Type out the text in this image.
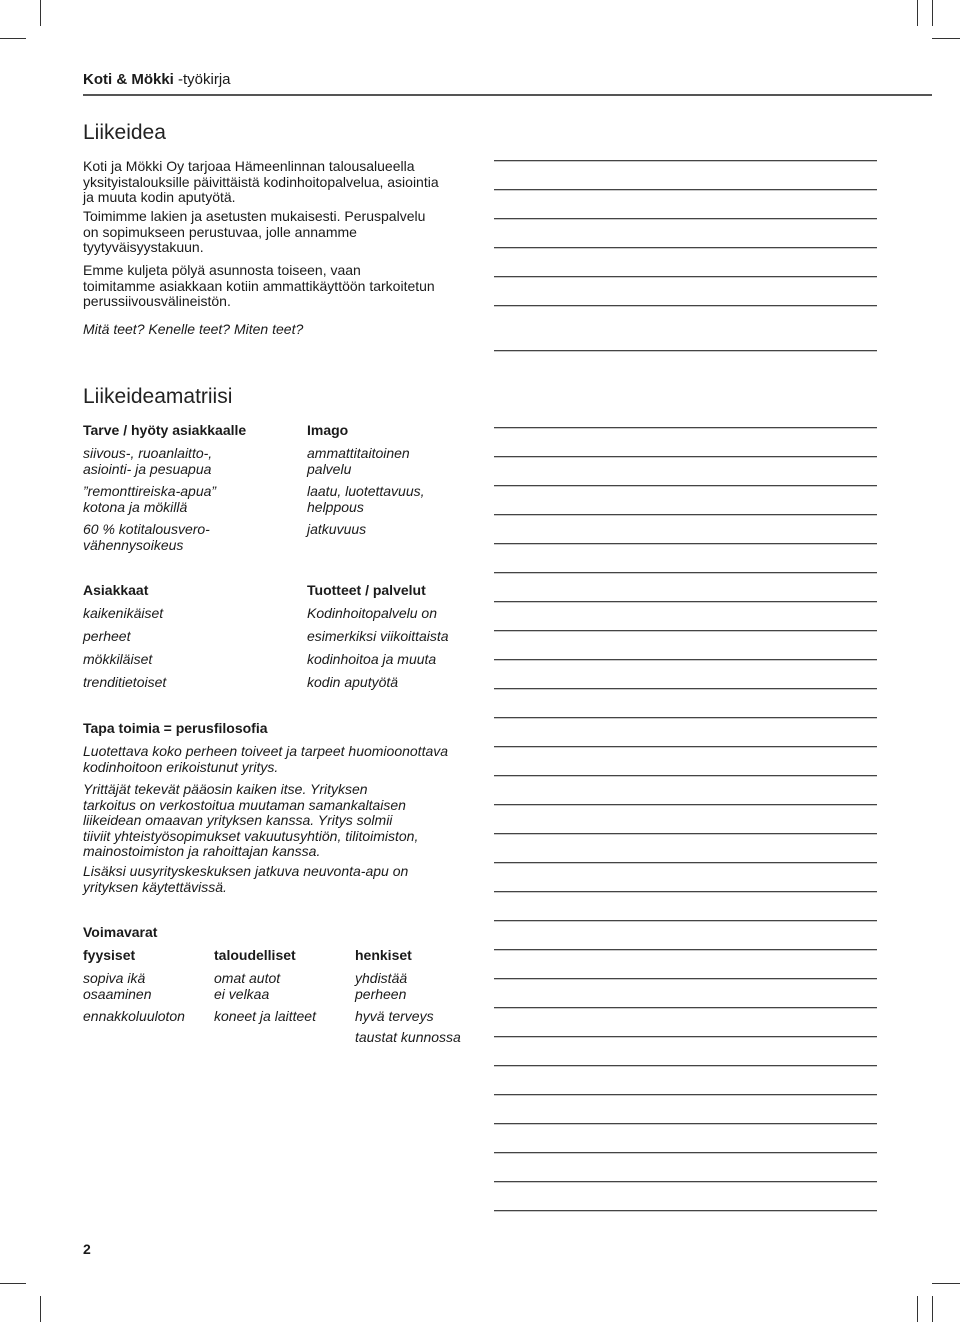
Koti & Mökki -työkirja
Liikeidea
Koti ja Mökki Oy tarjoaa Hämeenlinnan talousalueella
yksityistalouksille päivittäistä kodinhoitopalvelua, asiointia
ja muuta kodin aputyötä.
Toimimme lakien ja asetusten mukaisesti. Peruspalvelu
on sopimukseen perustuvaa, jolle annamme
tyytyväisyystakuun.
Emme kuljeta pölyä asunnosta toiseen, vaan
toimitamme asiakkaan kotiin ammattikäyttöön tarkoitetun
perussiivousvälineistön.
Mitä teet? Kenelle teet? Miten teet?
Liikeideamatriisi
Tarve / hyöty asiakkaalle
siivous-, ruoanlaitto-,
asiointi- ja pesuapua
”remonttireiska-apua”
kotona ja mökillä
60 % kotitalousvero-
vähennysoikeus
Imago
ammattitaitoinen
palvelu
laatu, luotettavuus,
helppous
jatkuvuus
Asiakkaat
kaikenikäiset
perheet
mökkiläiset
trenditietoiset
Tuotteet / palvelut
Kodinhoitopalvelu on
esimerkiksi viikoittaista
kodinhoitoa ja muuta
kodin aputyötä
Tapa toimia = perusfilosofia
Luotettava koko perheen toiveet ja tarpeet huomioonottava
kodinhoitoon erikoistunut yritys.
Yrittäjät tekevät pääosin kaiken itse. Yrityksen
tarkoitus on verkostoitua muutaman samankaltaisen
liikeidean omaavan yrityksen kanssa. Yritys solmii
tiiviit yhteistyösopimukset vakuutusyhtiön, tilitoimiston,
mainostoimiston ja rahoittajan kanssa.
Lisäksi uusyrityskeskuksen jatkuva neuvonta-apu on
yrityksen käytettävissä.
Voimavarat
fyysiset
sopiva ikä
osaaminen
ennakkoluuloton
taloudelliset
omat autot
ei velkaa
koneet ja laitteet
henkiset
yhdistää
perheen
hyvä terveys
taustat kunnossa
2
